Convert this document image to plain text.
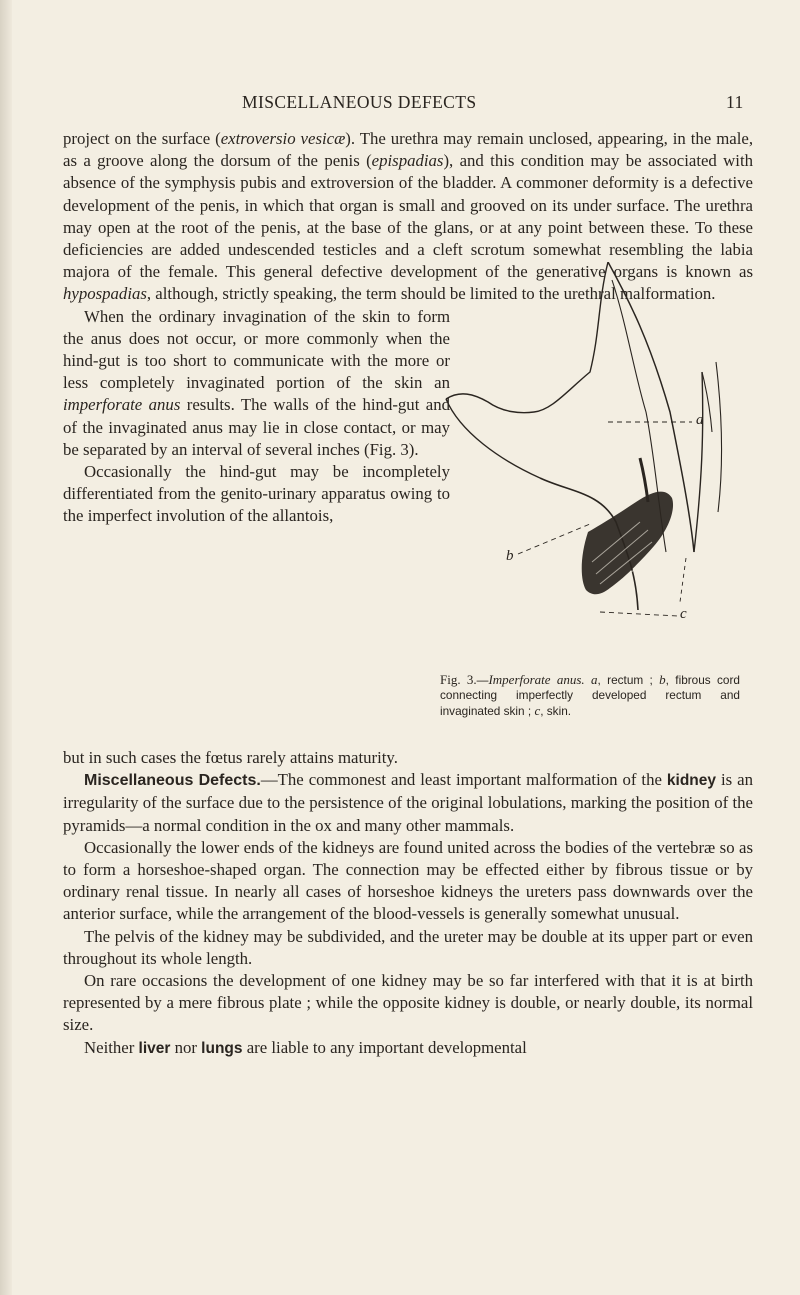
MISCELLANEOUS DEFECTS	11

project on the surface (extroversio vesicæ). The urethra may remain unclosed, appearing, in the male, as a groove along the dorsum of the penis (epispadias), and this condition may be associated with absence of the symphysis pubis and extroversion of the bladder. A commoner deformity is a defective development of the penis, in which that organ is small and grooved on its under surface. The urethra may open at the root of the penis, at the base of the glans, or at any point between these. To these deficiencies are added undescended testicles and a cleft scrotum somewhat resembling the labia majora of the female. This general defective development of the generative organs is known as hypospadias, although, strictly speaking, the term should be limited to the urethral malformation.

When the ordinary invagination of the skin to form the anus does not occur, or more commonly when the hind-gut is too short to communicate with the more or less completely invaginated portion of the skin an imperforate anus results. The walls of the hind-gut and of the invaginated anus may lie in close contact, or may be separated by an interval of several inches (Fig. 3).

Occasionally the hind-gut may be incompletely differentiated from the genito-urinary apparatus owing to the imperfect involution of the allantois,

a
b
c
Fig. 3.—Imperforate anus. a, rectum ; b, fibrous cord connecting imperfectly developed rectum and invaginated skin ; c, skin.

but in such cases the fœtus rarely attains maturity.

Miscellaneous Defects.—The commonest and least important malformation of the kidney is an irregularity of the surface due to the persistence of the original lobulations, marking the position of the pyramids—a normal condition in the ox and many other mammals.

Occasionally the lower ends of the kidneys are found united across the bodies of the vertebræ so as to form a horseshoe-shaped organ. The connection may be effected either by fibrous tissue or by ordinary renal tissue. In nearly all cases of horseshoe kidneys the ureters pass downwards over the anterior surface, while the arrangement of the blood-vessels is generally somewhat unusual.

The pelvis of the kidney may be subdivided, and the ureter may be double at its upper part or even throughout its whole length.

On rare occasions the development of one kidney may be so far interfered with that it is at birth represented by a mere fibrous plate ; while the opposite kidney is double, or nearly double, its normal size.

Neither liver nor lungs are liable to any important developmental
